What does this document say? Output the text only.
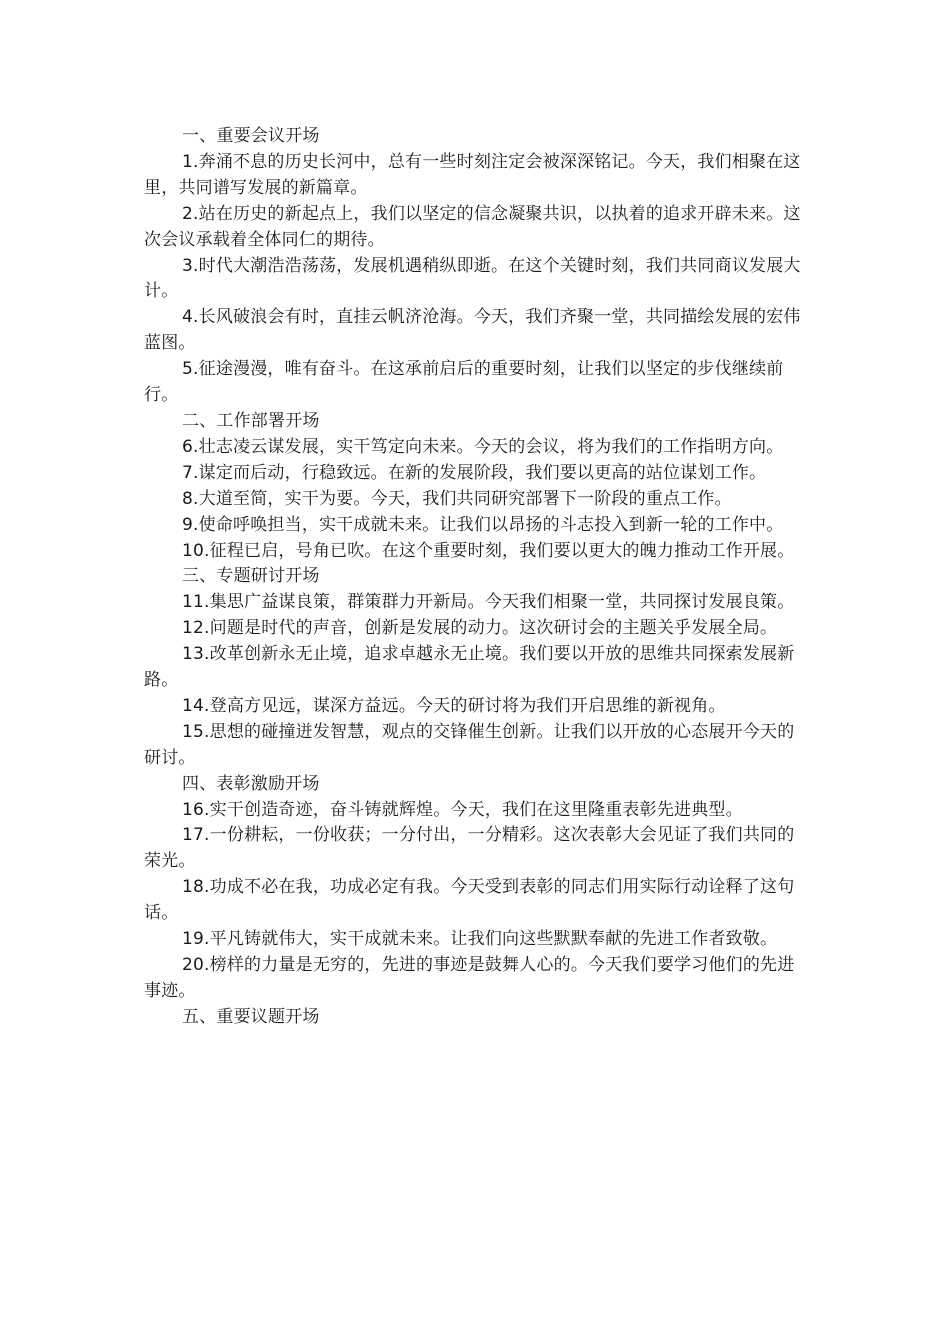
一、重要会议开场

1.奔涌不息的历史长河中，总有一些时刻注定会被深深铭记。今天，我们相聚在这里，共同谱写发展的新篇章。

2.站在历史的新起点上，我们以坚定的信念凝聚共识，以执着的追求开辟未来。这次会议承载着全体同仁的期待。

3.时代大潮浩浩荡荡，发展机遇稍纵即逝。在这个关键时刻，我们共同商议发展大计。

4.长风破浪会有时，直挂云帆济沧海。今天，我们齐聚一堂，共同描绘发展的宏伟蓝图。

5.征途漫漫，唯有奋斗。在这承前启后的重要时刻，让我们以坚定的步伐继续前行。

二、工作部署开场

6.壮志凌云谋发展，实干笃定向未来。今天的会议，将为我们的工作指明方向。

7.谋定而后动，行稳致远。在新的发展阶段，我们要以更高的站位谋划工作。

8.大道至简，实干为要。今天，我们共同研究部署下一阶段的重点工作。

9.使命呼唤担当，实干成就未来。让我们以昂扬的斗志投入到新一轮的工作中。

10.征程已启，号角已吹。在这个重要时刻，我们要以更大的魄力推动工作开展。

三、专题研讨开场

11.集思广益谋良策，群策群力开新局。今天我们相聚一堂，共同探讨发展良策。

12.问题是时代的声音，创新是发展的动力。这次研讨会的主题关乎发展全局。

13.改革创新永无止境，追求卓越永无止境。我们要以开放的思维共同探索发展新路。

14.登高方见远，谋深方益远。今天的研讨将为我们开启思维的新视角。

15.思想的碰撞迸发智慧，观点的交锋催生创新。让我们以开放的心态展开今天的研讨。

四、表彰激励开场

16.实干创造奇迹，奋斗铸就辉煌。今天，我们在这里隆重表彰先进典型。

17.一份耕耘，一份收获；一分付出，一分精彩。这次表彰大会见证了我们共同的荣光。

18.功成不必在我，功成必定有我。今天受到表彰的同志们用实际行动诠释了这句话。

19.平凡铸就伟大，实干成就未来。让我们向这些默默奉献的先进工作者致敬。

20.榜样的力量是无穷的，先进的事迹是鼓舞人心的。今天我们要学习他们的先进事迹。

五、重要议题开场
